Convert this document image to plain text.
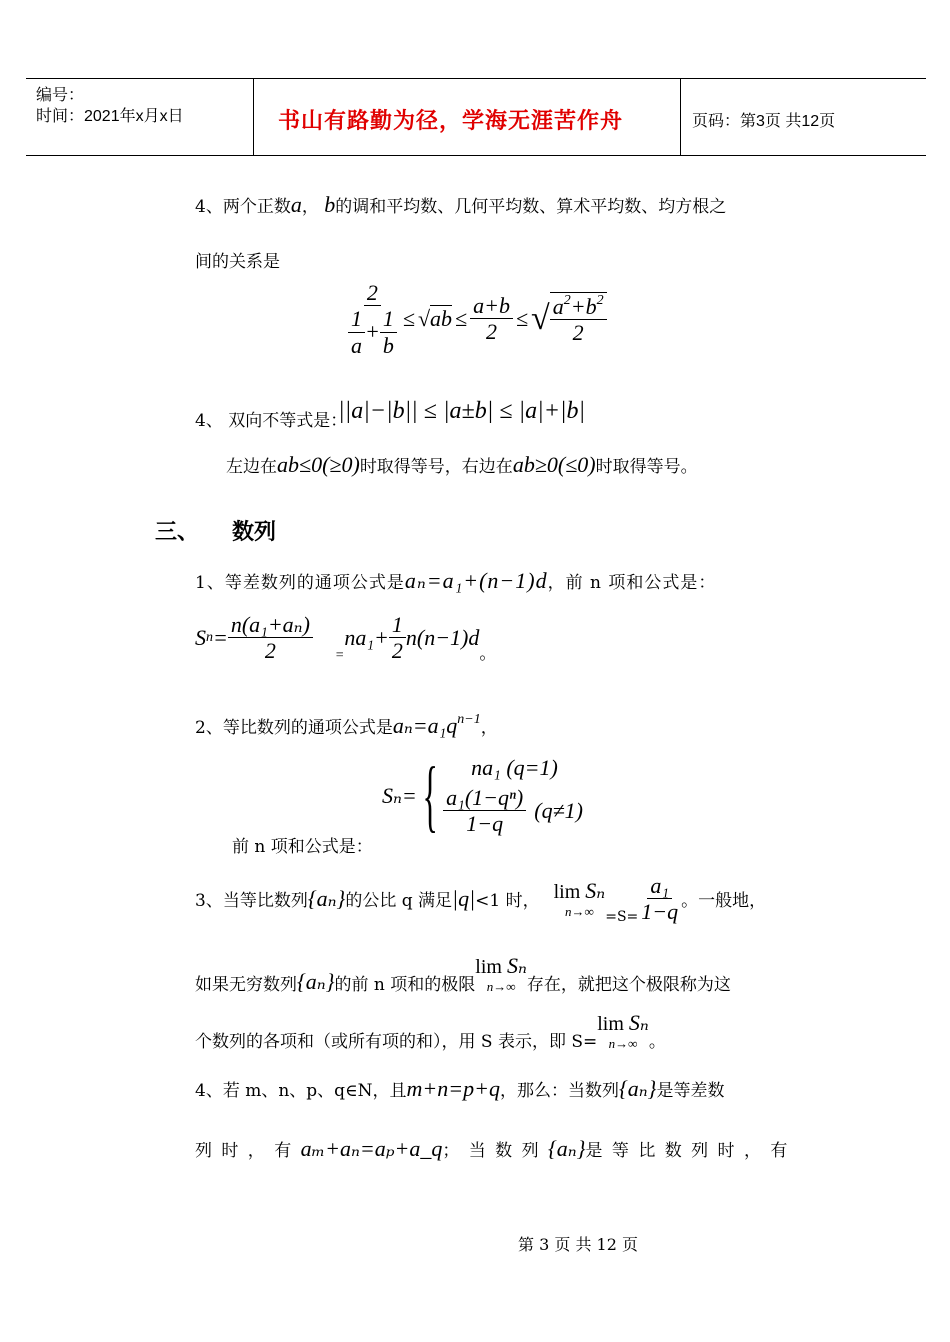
编号：
时间：2021年x月x日	书山有路勤为径，学海无涯苦作舟	页码：第3页 共12页
4、两个正数a， b的调和平均数、几何平均数、算术平均数、均方根之
间的关系是
$\frac{2}{\frac{1}{a} + \frac{1}{b}}$ ≤ √ ab ≤ $\frac{a+b}{2}$ ≤ √ $\frac{a^2+b^2}{2}$
4、 双向不等式是：
||a|−|b|| ≤ |a±b| ≤ |a|+|b|
左边在ab≤0(≥0)时取得等号，右边在ab≥0(≤0)时取得等号。
三、 数列
1、等差数列的通项公式是aₙ=a₁+(n−1)d，前 n 项和公式是：
S $n = \frac{\text{n(a₁+aₙ)}}{2}$ =
$na_1+ \frac{1}{2} n(n-1)d$
。
2、等比数列的通项公式是$a_n=a_1q^{n-1}$，
Sₙ= { na₁ (q=1)
$\frac{\text{a₁(1−qⁿ)}}{1-q} (q\ne 1)$
前 n 项和公式是：
3、当等比数列 {aₙ} 的公比 q 满足 |q| <1 时， lim Sₙ
$n\to\infty =S= \frac{\text{a₁}}{1-q}$ 。一般地，
如果无穷数列 {aₙ} 的前 n 项和的极限
lim Sₙ
n→∞ 存在，就把这个极限称为这
个数列的各项和（或所有项的和），用 S 表示，即 S=
lim Sₙ
n→∞ 。
4、若 m、n、p、q∈N，且m+n=p+q，那么：当数列{aₙ}是等差数
列 时 ， 有 aₘ+aₙ=aₚ+a_q； 当 数 列 {aₙ}是 等 比 数 列 时 ， 有
第 3 页 共 12 页
